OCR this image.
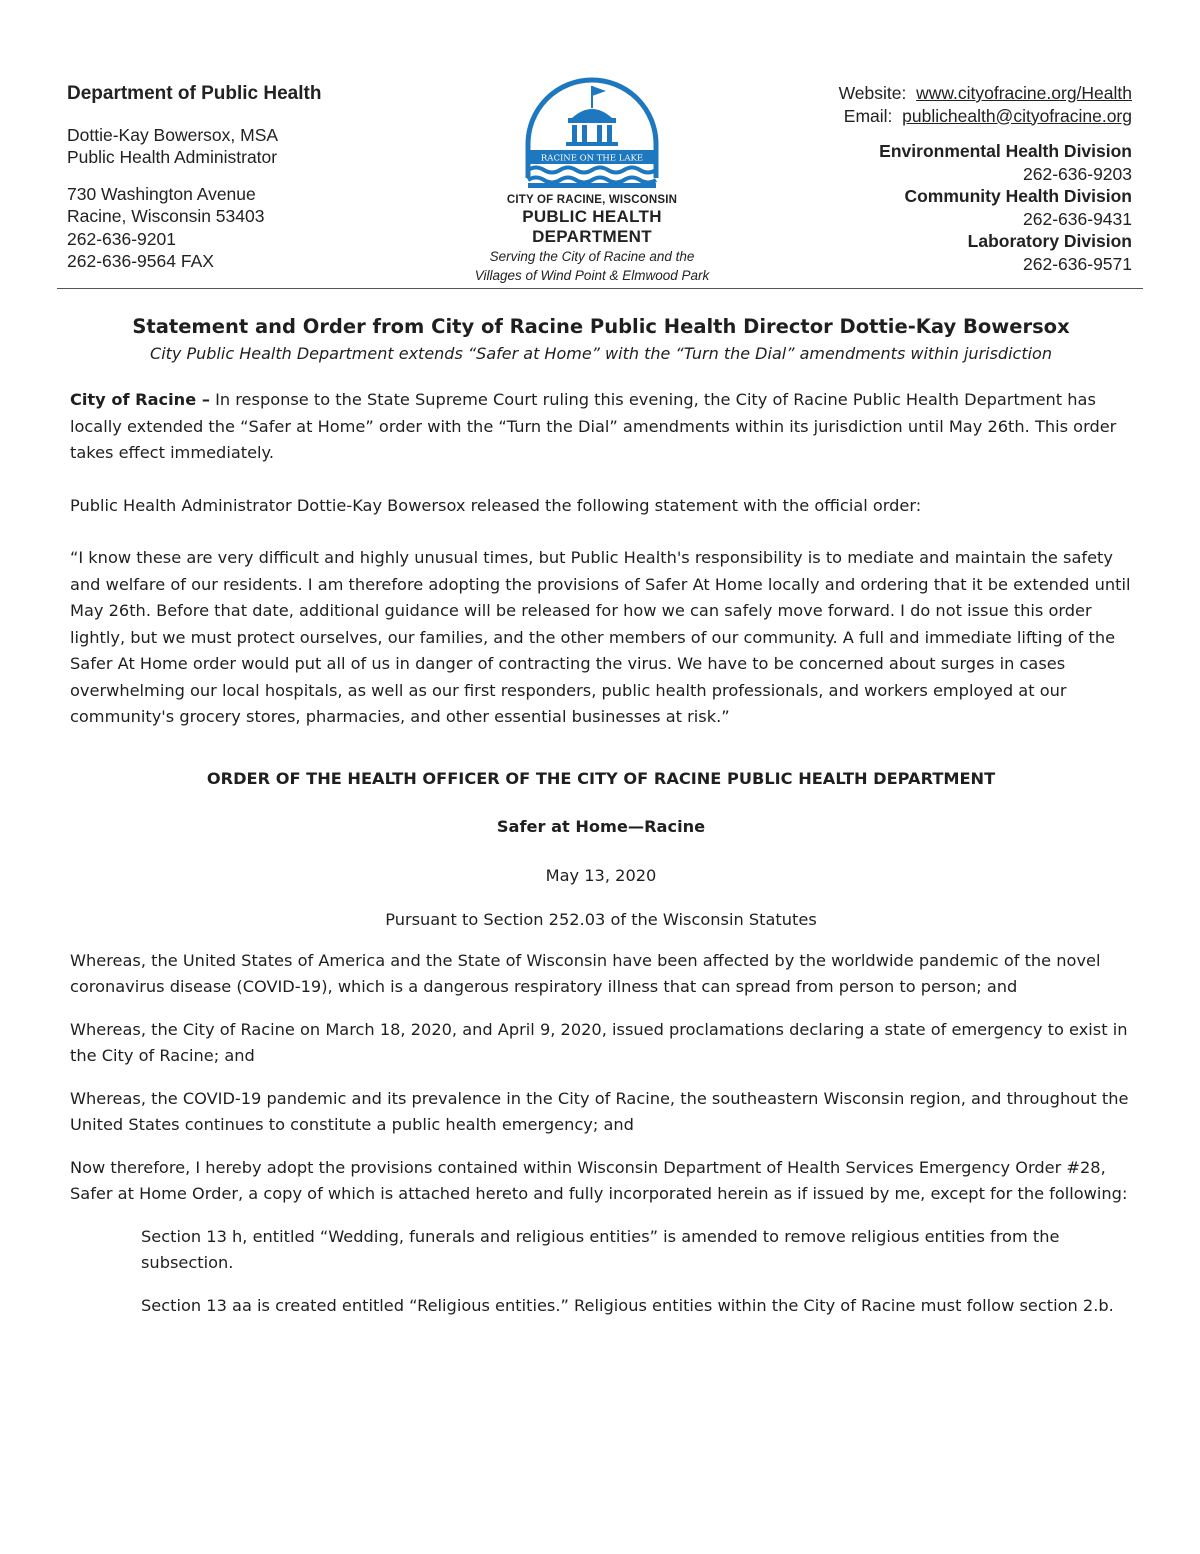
Department of Public Health
Dottie-Kay Bowersox, MSA
Public Health Administrator
730 Washington Avenue
Racine, Wisconsin 53403
262-636-9201
262-636-9564 FAX
RACINE ON THE LAKE
CITY OF RACINE, WISCONSIN
PUBLIC HEALTH DEPARTMENT
Serving the City of Racine and the
Villages of Wind Point & Elmwood Park
Website: www.cityofracine.org/Health
Email: publichealth@cityofracine.org
Environmental Health Division
262-636-9203
Community Health Division
262-636-9431
Laboratory Division
262-636-9571
Statement and Order from City of Racine Public Health Director Dottie-Kay Bowersox
City Public Health Department extends “Safer at Home” with the “Turn the Dial” amendments within jurisdiction

City of Racine – In response to the State Supreme Court ruling this evening, the City of Racine Public Health Department has locally extended the “Safer at Home” order with the “Turn the Dial” amendments within its jurisdiction until May 26th. This order takes effect immediately.

Public Health Administrator Dottie-Kay Bowersox released the following statement with the official order:

“I know these are very difficult and highly unusual times, but Public Health's responsibility is to mediate and maintain the safety and welfare of our residents. I am therefore adopting the provisions of Safer At Home locally and ordering that it be extended until May 26th. Before that date, additional guidance will be released for how we can safely move forward. I do not issue this order lightly, but we must protect ourselves, our families, and the other members of our community. A full and immediate lifting of the Safer At Home order would put all of us in danger of contracting the virus. We have to be concerned about surges in cases overwhelming our local hospitals, as well as our first responders, public health professionals, and workers employed at our community's grocery stores, pharmacies, and other essential businesses at risk.”

ORDER OF THE HEALTH OFFICER OF THE CITY OF RACINE PUBLIC HEALTH DEPARTMENT
Safer at Home—Racine
May 13, 2020
Pursuant to Section 252.03 of the Wisconsin Statutes

Whereas, the United States of America and the State of Wisconsin have been affected by the worldwide pandemic of the novel coronavirus disease (COVID-19), which is a dangerous respiratory illness that can spread from person to person; and

Whereas, the City of Racine on March 18, 2020, and April 9, 2020, issued proclamations declaring a state of emergency to exist in the City of Racine; and

Whereas, the COVID-19 pandemic and its prevalence in the City of Racine, the southeastern Wisconsin region, and throughout the United States continues to constitute a public health emergency; and

Now therefore, I hereby adopt the provisions contained within Wisconsin Department of Health Services Emergency Order #28, Safer at Home Order, a copy of which is attached hereto and fully incorporated herein as if issued by me, except for the following:

Section 13 h, entitled “Wedding, funerals and religious entities” is amended to remove religious entities from the subsection.

Section 13 aa is created entitled “Religious entities.” Religious entities within the City of Racine must follow section 2.b.
